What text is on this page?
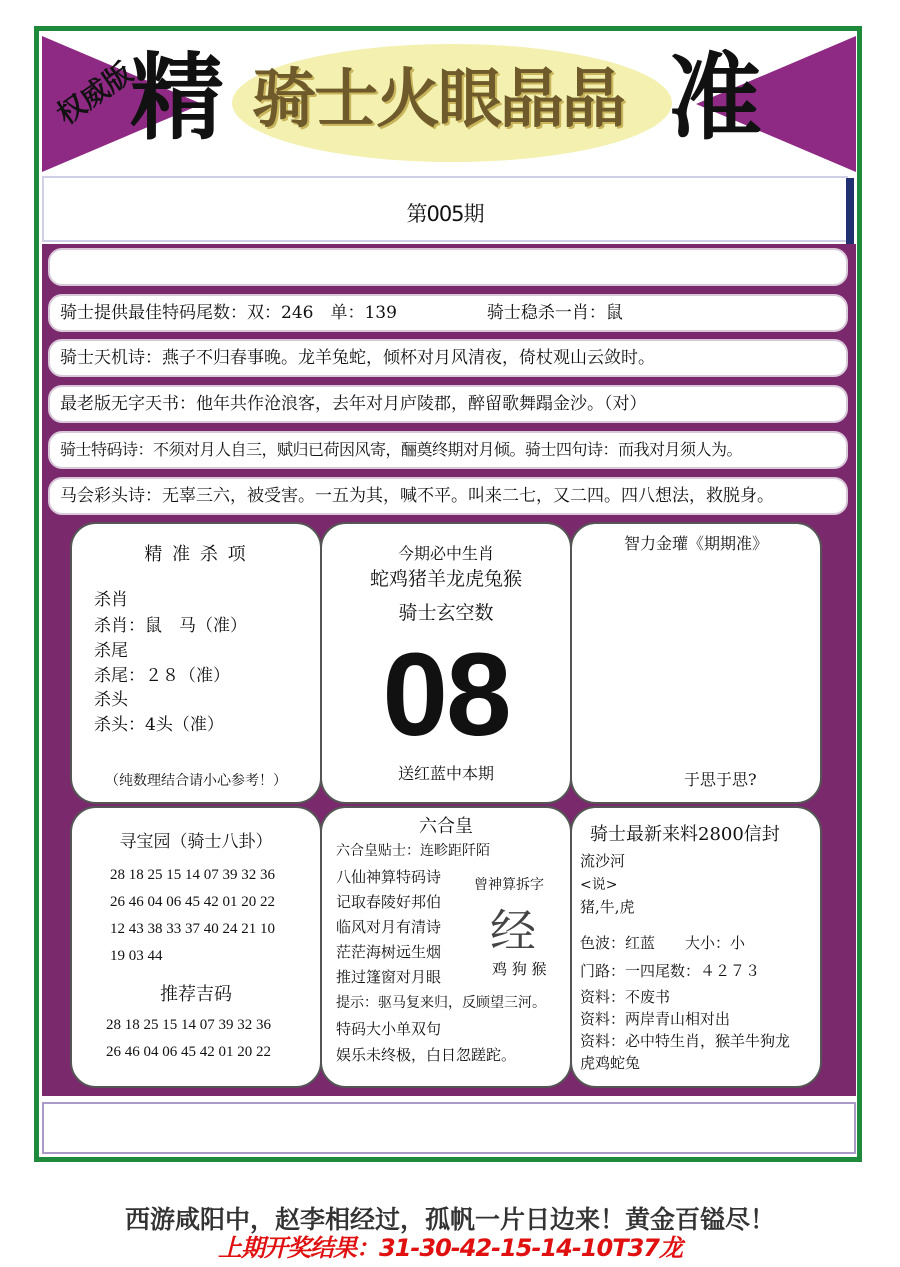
权威版
精	准
骑士火眼晶晶
第005期
骑士提供最佳特码尾数：双：246　单：139	骑士稳杀一肖：鼠
骑士天机诗：燕子不归春事晚。龙羊兔蛇，倾杯对月风清夜，倚杖观山云敛时。
最老版无字天书：他年共作沧浪客，去年对月庐陵郡，醉留歌舞蹋金沙。（对）
骑士特码诗：不须对月人自三，赋归已荷因风寄，酾奠终期对月倾。骑士四句诗：而我对月须人为。
马会彩头诗：无辜三六，被受害。一五为其，喊不平。叫来二七，又二四。四八想法，救脱身。
精 准 杀 项
杀肖
杀肖：鼠　马（准）
杀尾
杀尾：２８（准）
杀头
杀头：4头（准）
（纯数理结合请小心参考！）
今期必中生肖
蛇鸡猪羊龙虎兔猴
骑士玄空数
08
送红蓝中本期
智力金瓘《期期准》
于思于思?
寻宝园（骑士八卦）
28 18 25 15 14 07 39 32 36
26 46 04 06 45 42 01 20 22
12 43 38 33 37 40 24 21 10
19 03 44
推荐吉码
28 18 25 15 14 07 39 32 36
26 46 04 06 45 42 01 20 22
六合皇
六合皇贴士：连畛距阡陌
八仙神算特码诗
记取春陵好邦伯
临风对月有清诗
茫茫海树远生烟
推过篷窗对月眼
提示：驱马复来归，反顾望三河。
特码大小单双句
娱乐未终极，白日忽蹉跎。
曾神算拆字
经
鸡 狗 猴
骑士最新来料2800信封
流沙河
<说>
猪,牛,虎
色波：红蓝　　大小：小
门路：一四尾数：４２７３
资料：不废书
资料：两岸青山相对出
资料：必中特生肖，猴羊牛狗龙
虎鸡蛇兔
西游咸阳中，赵李相经过，孤帆一片日边来！黄金百镒尽！
上期开奖结果：31-30-42-15-14-10T37龙
